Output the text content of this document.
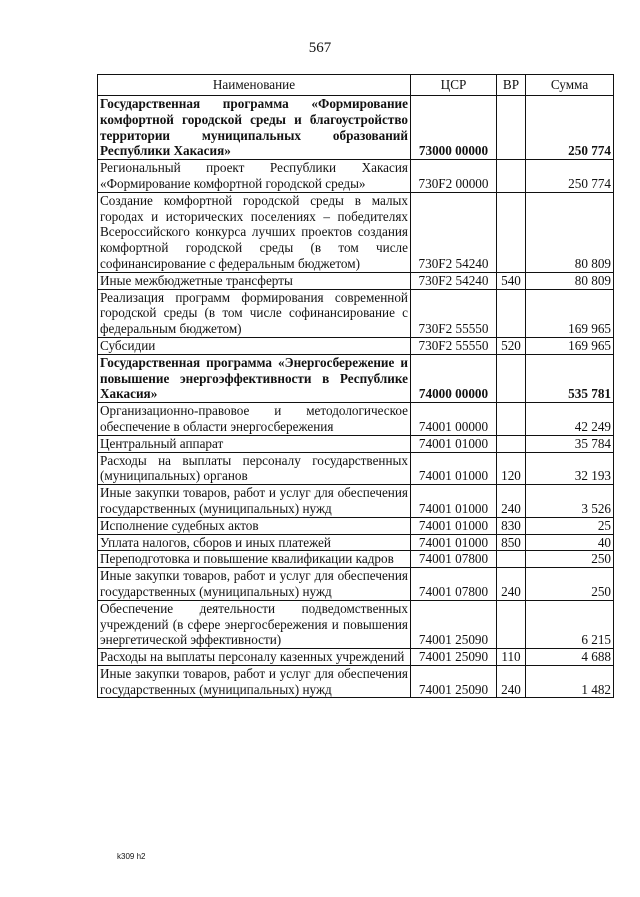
567
Наименование	ЦСР	ВР	Сумма
Государственная программа «Формирование комфортной городской среды и благоустройство территории муниципальных образований Республики Хакасия»	73000 00000		250 774
Региональный проект Республики Хакасия «Формирование комфортной городской среды»	730F2 00000		250 774
Создание комфортной городской среды в малых городах и исторических поселениях – победителях Всероссийского конкурса лучших проектов создания комфортной городской среды (в том числе софинансирование с федеральным бюджетом)	730F2 54240		80 809
Иные межбюджетные трансферты	730F2 54240	540	80 809
Реализация программ формирования современной городской среды (в том числе софинансирование с федеральным бюджетом)	730F2 55550		169 965
Субсидии	730F2 55550	520	169 965
Государственная программа «Энергосбережение и повышение энергоэффективности в Республике Хакасия»	74000 00000		535 781
Организационно-правовое и методологическое обеспечение в области энергосбережения	74001 00000		42 249
Центральный аппарат	74001 01000		35 784
Расходы на выплаты персоналу государственных (муниципальных) органов	74001 01000	120	32 193
Иные закупки товаров, работ и услуг для обеспечения государственных (муниципальных) нужд	74001 01000	240	3 526
Исполнение судебных актов	74001 01000	830	25
Уплата налогов, сборов и иных платежей	74001 01000	850	40
Переподготовка и повышение квалификации кадров	74001 07800		250
Иные закупки товаров, работ и услуг для обеспечения государственных (муниципальных) нужд	74001 07800	240	250
Обеспечение деятельности подведомственных учреждений (в сфере энергосбережения и повышения энергетической эффективности)	74001 25090		6 215
Расходы на выплаты персоналу казенных учреждений	74001 25090	110	4 688
Иные закупки товаров, работ и услуг для обеспечения государственных (муниципальных) нужд	74001 25090	240	1 482
k309 h2
